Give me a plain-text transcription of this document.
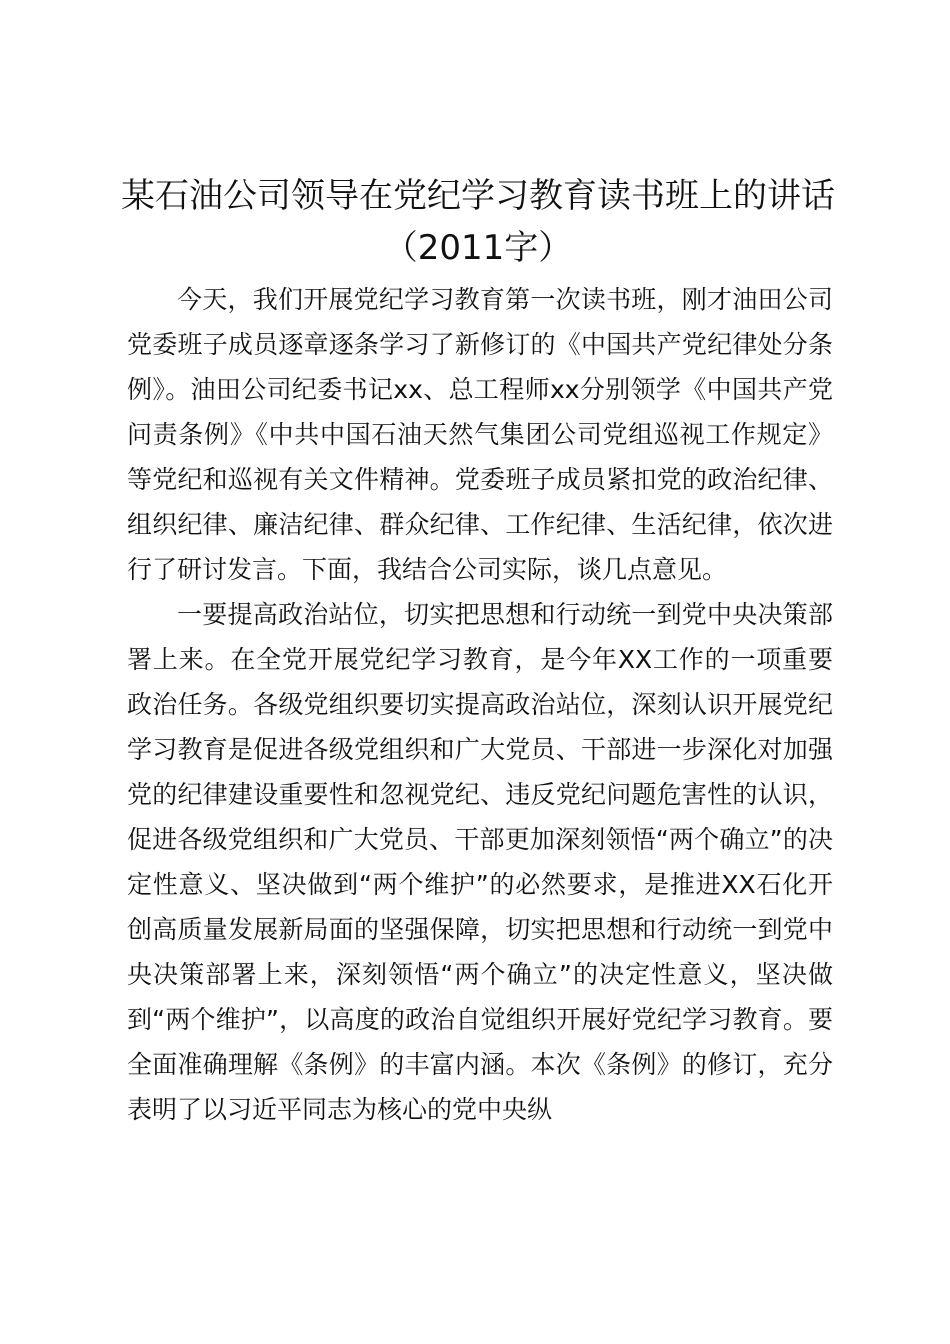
某石油公司领导在党纪学习教育读书班上的讲话（2011字）

今天，我们开展党纪学习教育第一次读书班，刚才油田公司党委班子成员逐章逐条学习了新修订的《中国共产党纪律处分条例》。油田公司纪委书记xx、总工程师xx分别领学《中国共产党问责条例》《中共中国石油天然气集团公司党组巡视工作规定》等党纪和巡视有关文件精神。党委班子成员紧扣党的政治纪律、组织纪律、廉洁纪律、群众纪律、工作纪律、生活纪律，依次进行了研讨发言。下面，我结合公司实际，谈几点意见。

一要提高政治站位，切实把思想和行动统一到党中央决策部署上来。在全党开展党纪学习教育，是今年XX工作的一项重要政治任务。各级党组织要切实提高政治站位，深刻认识开展党纪学习教育是促进各级党组织和广大党员、干部进一步深化对加强党的纪律建设重要性和忽视党纪、违反党纪问题危害性的认识，促进各级党组织和广大党员、干部更加深刻领悟“两个确立”的决定性意义、坚决做到“两个维护”的必然要求，是推进XX石化开创高质量发展新局面的坚强保障，切实把思想和行动统一到党中央决策部署上来，深刻领悟“两个确立”的决定性意义，坚决做到“两个维护”，以高度的政治自觉组织开展好党纪学习教育。要全面准确理解《条例》的丰富内涵。本次《条例》的修订，充分表明了以习近平同志为核心的党中央纵
